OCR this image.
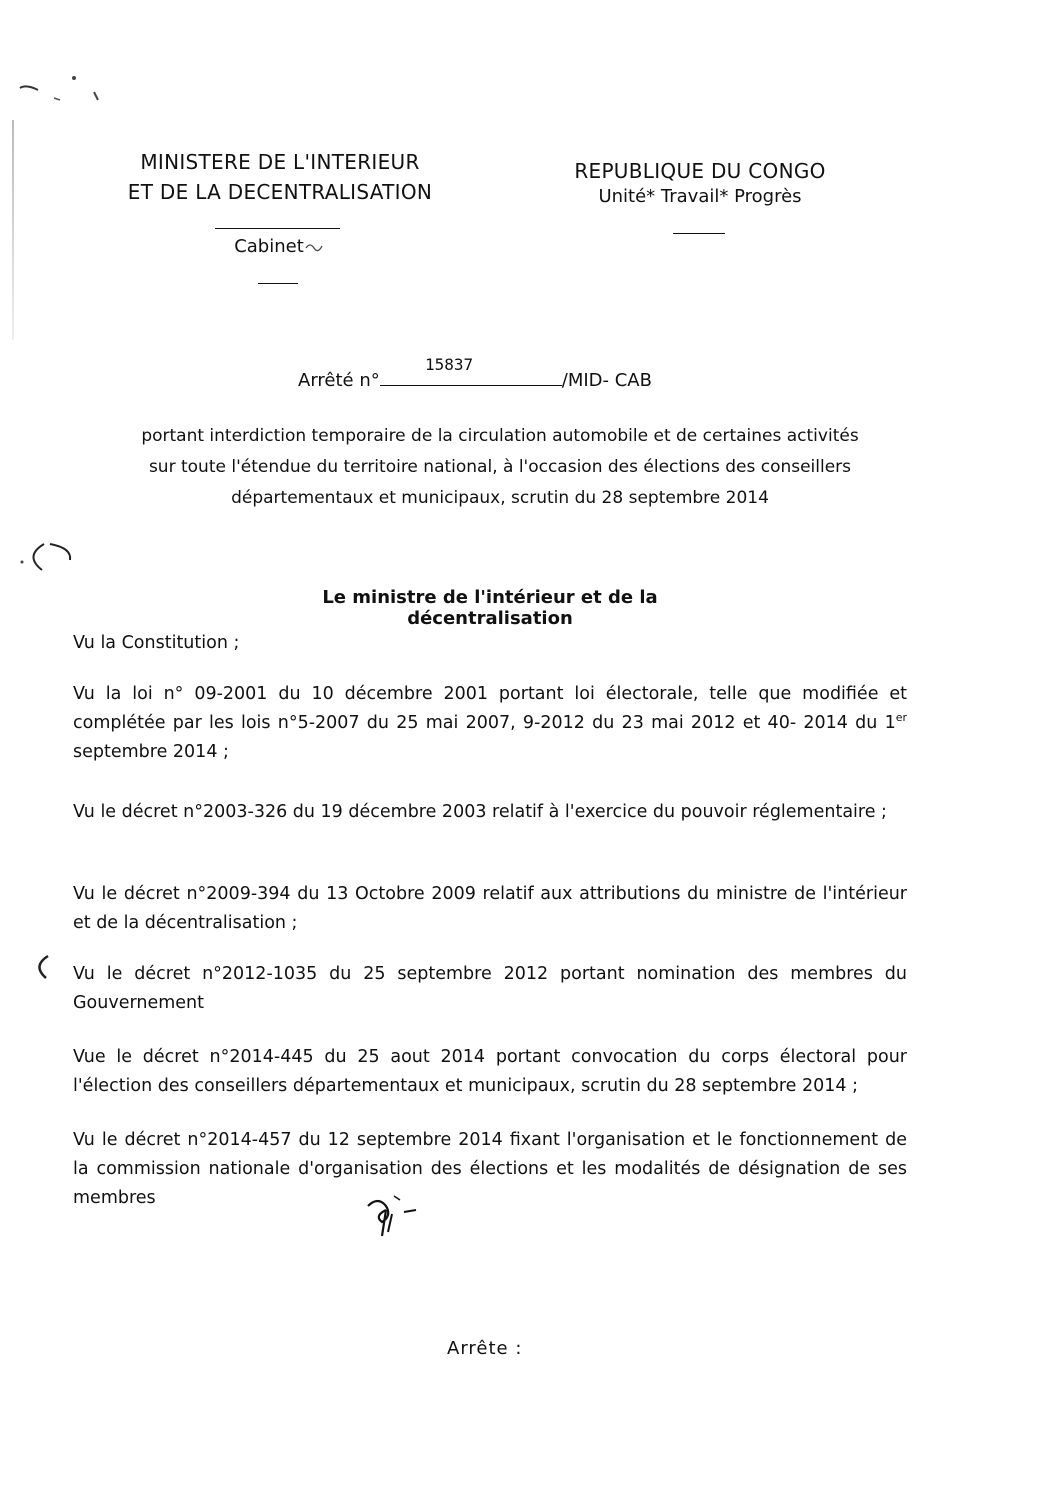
MINISTERE DE L'INTERIEUR
ET DE LA DECENTRALISATION
Cabinet
REPUBLIQUE DU CONGO
Unité* Travail* Progrès
15837
Arrêté n°	/MID- CAB
portant interdiction temporaire de la circulation automobile et de certaines activités
sur toute l'étendue du territoire national, à l'occasion des élections des conseillers
départementaux et municipaux, scrutin du 28 septembre 2014
Le ministre de l'intérieur et de la décentralisation
Vu la Constitution ;
Vu la loi n° 09-2001 du 10 décembre 2001 portant loi électorale, telle que modifiée et complétée par les lois n°5-2007 du 25 mai 2007, 9-2012 du 23 mai 2012 et 40- 2014 du 1er septembre 2014 ;
Vu le décret n°2003-326 du 19 décembre 2003 relatif à l'exercice du pouvoir réglementaire ;
Vu le décret n°2009-394 du 13 Octobre 2009 relatif aux attributions du ministre de l'intérieur et de la décentralisation ;
Vu le décret n°2012-1035 du 25 septembre 2012 portant nomination des membres du Gouvernement
Vue le décret n°2014-445 du 25 aout 2014 portant convocation du corps électoral pour l'élection des conseillers départementaux et municipaux, scrutin du 28 septembre 2014 ;
Vu le décret n°2014-457 du 12 septembre 2014 fixant l'organisation et le fonctionnement de la commission nationale d'organisation des élections et les modalités de désignation de ses membres
Arrête :
